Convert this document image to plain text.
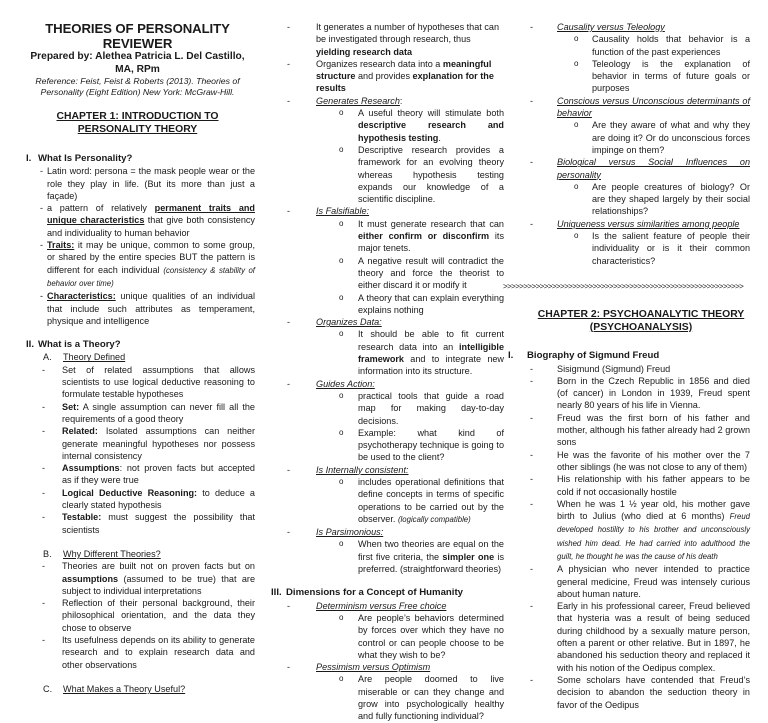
THEORIES OF PERSONALITY REVIEWER
Prepared by: Alethea Patricia L. Del Castillo, MA, RPm
Reference: Feist, Feist & Roberts (2013). Theories of Personality (Eight Edition) New York: McGraw-Hill.
CHAPTER 1: INTRODUCTION TO PERSONALITY THEORY
I. What Is Personality?
- Latin word: persona = the mask people wear or the role they play in life. (But its more than just a façade)
- a pattern of relatively permanent traits and unique characteristics that give both consistency and individuality to human behavior
- Traits: it may be unique, common to some group, or shared by the entire species BUT the pattern is different for each individual (consistency & stability of behavior over time)
- Characteristics: unique qualities of an individual that include such attributes as temperament, physique and intelligence
II. What is a Theory?
A. Theory Defined
- Set of related assumptions that allows scientists to use logical deductive reasoning to formulate testable hypotheses
- Set: A single assumption can never fill all the requirements of a good theory
- Related: Isolated assumptions can neither generate meaningful hypotheses nor possess internal consistency
- Assumptions: not proven facts but accepted as if they were true
- Logical Deductive Reasoning: to deduce a clearly stated hypothesis
- Testable: must suggest the possibility that scientists
B. Why Different Theories?
- Theories are built not on proven facts but on assumptions (assumed to be true) that are subject to individual interpretations
- Reflection of their personal background, their philosophical orientation, and the data they chose to observe
- Its usefulness depends on its ability to generate research and to explain research data and other observations
C. What Makes a Theory Useful?
-	It generates a number of hypotheses that can be investigated through research, thus yielding research data
-	Organizes research data into a meaningful structure and provides explanation for the results
-	Generates Research:
o A useful theory will stimulate both descriptive research and hypothesis testing.
o Descriptive research provides a framework for an evolving theory whereas hypothesis testing expands our knowledge of a scientific discipline.
-	Is Falsifiable:
o It must generate research that can either confirm or disconfirm its major tenets.
o A negative result will contradict the theory and force the theorist to either discard it or modify it
o A theory that can explain everything explains nothing
-	Organizes Data:
o It should be able to fit current research data into an intelligible framework and to integrate new information into its structure.
-	Guides Action:
o practical tools that guide a road map for making day-to-day decisions.
o Example: what kind of psychotherapy technique is going to be used to the client?
-	Is Internally consistent:
o includes operational definitions that define concepts in terms of specific operations to be carried out by the observer. (logically compatible)
-	Is Parsimonious:
o When two theories are equal on the first five criteria, the simpler one is preferred. (straightforward theories)
III. Dimensions for a Concept of Humanity
-	Determinism versus Free choice
o Are people’s behaviors determined by forces over which they have no control or can people choose to be what they wish to be?
-	Pessimism versus Optimism
o Are people doomed to live miserable or can they change and grow into psychologically healthy and fully functioning individual?
-	Causality versus Teleology
o Causality holds that behavior is a function of the past experiences
o Teleology is the explanation of behavior in terms of future goals or purposes
-	Conscious versus Unconscious determinants of behavior
o Are they aware of what and why they are doing it? Or do unconscious forces impinge on them?
-	Biological versus Social Influences on personality
o Are people creatures of biology? Or are they shaped largely by their social relationships?
-	Uniqueness versus similarities among people
o Is the salient feature of people their individuality or is it their common characteristics?
>>>>>>>>>>>>>>>>>>>>>>>>>>>>>>>>>>>>>>>>>>>>>>>>>>>>>>>>>>>
CHAPTER 2: PSYCHOANALYTIC THEORY
(PSYCHOANALYSIS)
I. Biography of Sigmund Freud
-	Sisigmund (Sigmund) Freud
-	Born in the Czech Republic in 1856 and died (of cancer) in London in 1939, Freud spent nearly 80 years of his life in Vienna.
-	Freud was the first born of his father and mother, although his father already had 2 grown sons
-	He was the favorite of his mother over the 7 other siblings (he was not close to any of them)
-	His relationship with his father appears to be cold if not occasionally hostile
-	When he was 1 ½ year old, his mother gave birth to Julius (who died at 6 months) Freud developed hostility to his brother and unconsciously wished him dead. He had carried into adulthood the guilt, he thought he was the cause of his death
-	A physician who never intended to practice general medicine, Freud was intensely curious about human nature.
-	Early in his professional career, Freud believed that hysteria was a result of being seduced during childhood by a sexually mature person, often a parent or other relative. But in 1897, he abandoned his seduction theory and replaced it with his notion of the Oedipus complex.
-	Some scholars have contended that Freud’s decision to abandon the seduction theory in favor of the Oedipus
